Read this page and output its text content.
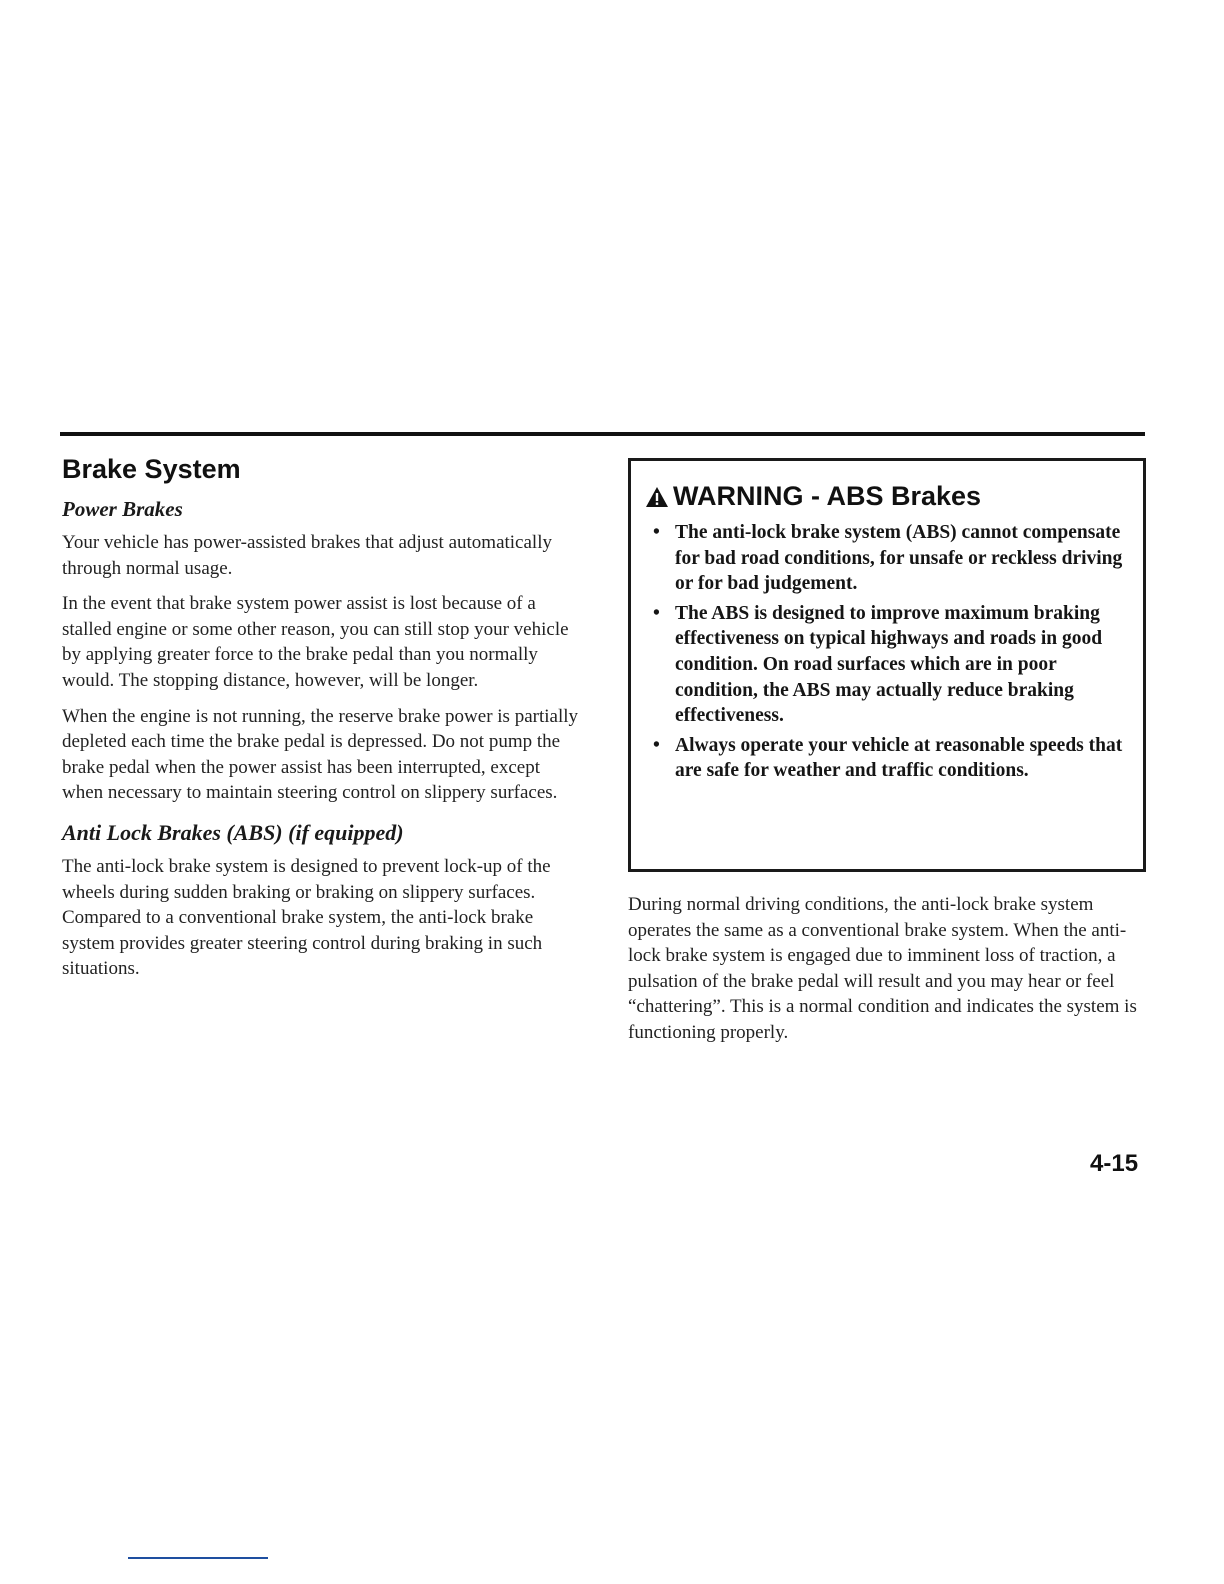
Brake System
Power Brakes

Your vehicle has power-assisted brakes that adjust automatically through normal usage.

In the event that brake system power assist is lost because of a stalled engine or some other reason, you can still stop your vehicle by applying greater force to the brake pedal than you normally would. The stopping distance, however, will be longer.

When the engine is not running, the reserve brake power is partially depleted each time the brake pedal is depressed. Do not pump the brake pedal when the power assist has been interrupted, except when necessary to maintain steering control on slippery surfaces.

Anti Lock Brakes (ABS) (if equipped)

The anti-lock brake system is designed to prevent lock-up of the wheels during sudden braking or braking on slippery surfaces. Compared to a conventional brake system, the anti-lock brake system provides greater steering control during braking in such situations.

WARNING - ABS Brakes
• The anti-lock brake system (ABS) cannot compensate for bad road conditions, for unsafe or reckless driving or for bad judgement.
• The ABS is designed to improve maximum braking effectiveness on typical highways and roads in good condition. On road surfaces which are in poor condition, the ABS may actually reduce braking effectiveness.
• Always operate your vehicle at reasonable speeds that are safe for weather and traffic conditions.

During normal driving conditions, the anti-lock brake system operates the same as a conventional brake system. When the anti-lock brake system is engaged due to imminent loss of traction, a pulsation of the brake pedal will result and you may hear or feel “chattering”. This is a normal condition and indicates the system is functioning properly.

4-15
